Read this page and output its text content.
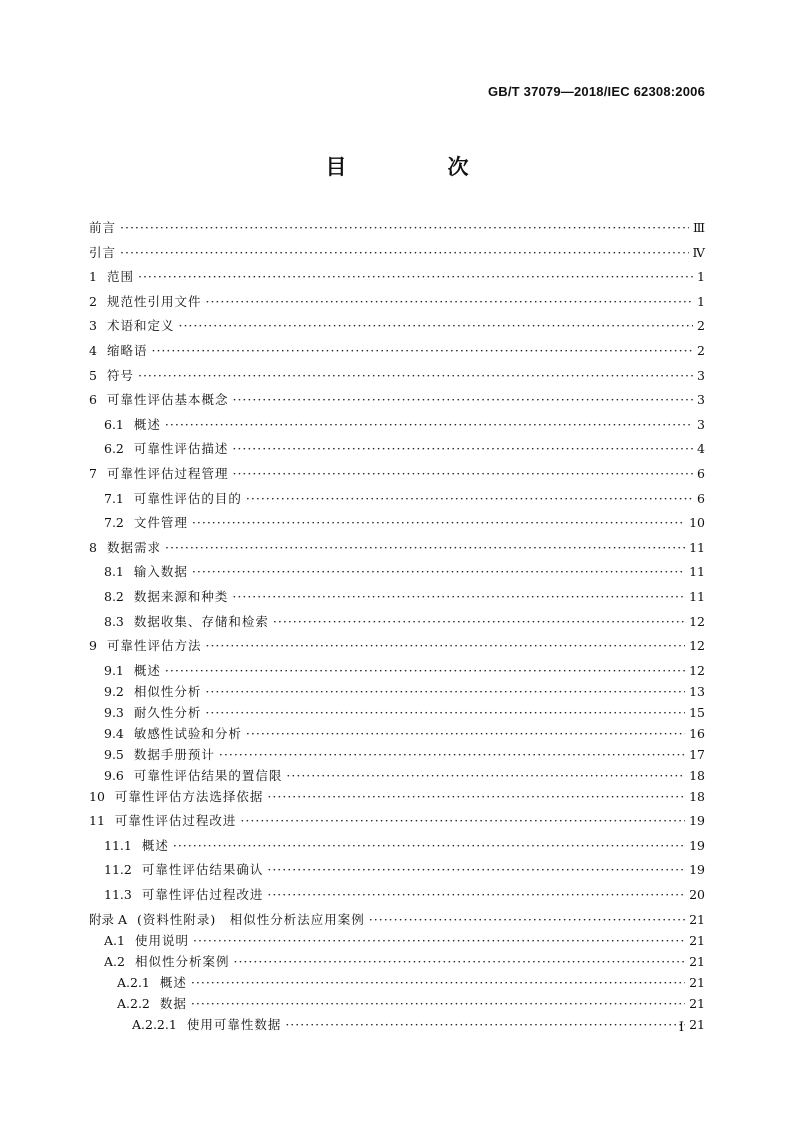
GB/T 37079—2018/IEC 62308:2006
目　次
前言 ·····	Ⅲ
引言 ·····	Ⅳ
1 范围 ·····	1
2 规范性引用文件 ·····	1
3 术语和定义 ·····	2
4 缩略语 ·····	2
5 符号 ·····	3
6 可靠性评估基本概念 ·····	3
6.1 概述 ·····	3
6.2 可靠性评估描述 ·····	4
7 可靠性评估过程管理 ·····	6
7.1 可靠性评估的目的 ·····	6
7.2 文件管理 ·····	10
8 数据需求 ·····	11
8.1 输入数据 ·····	11
8.2 数据来源和种类 ·····	11
8.3 数据收集、存储和检索 ·····	12
9 可靠性评估方法 ·····	12
9.1 概述 ·····	12
9.2 相似性分析 ·····	13
9.3 耐久性分析 ·····	15
9.4 敏感性试验和分析 ·····	16
9.5 数据手册预计 ·····	17
9.6 可靠性评估结果的置信限 ·····	18
10 可靠性评估方法选择依据 ·····	18
11 可靠性评估过程改进 ·····	19
11.1 概述 ·····	19
11.2 可靠性评估结果确认 ·····	19
11.3 可靠性评估过程改进 ·····	20
附录 A (资料性附录)　相似性分析法应用案例 ·····	21
A.1 使用说明 ·····	21
A.2 相似性分析案例 ·····	21
A.2.1 概述 ·····	21
A.2.2 数据 ·····	21
A.2.2.1 使用可靠性数据 ·····	21
I
